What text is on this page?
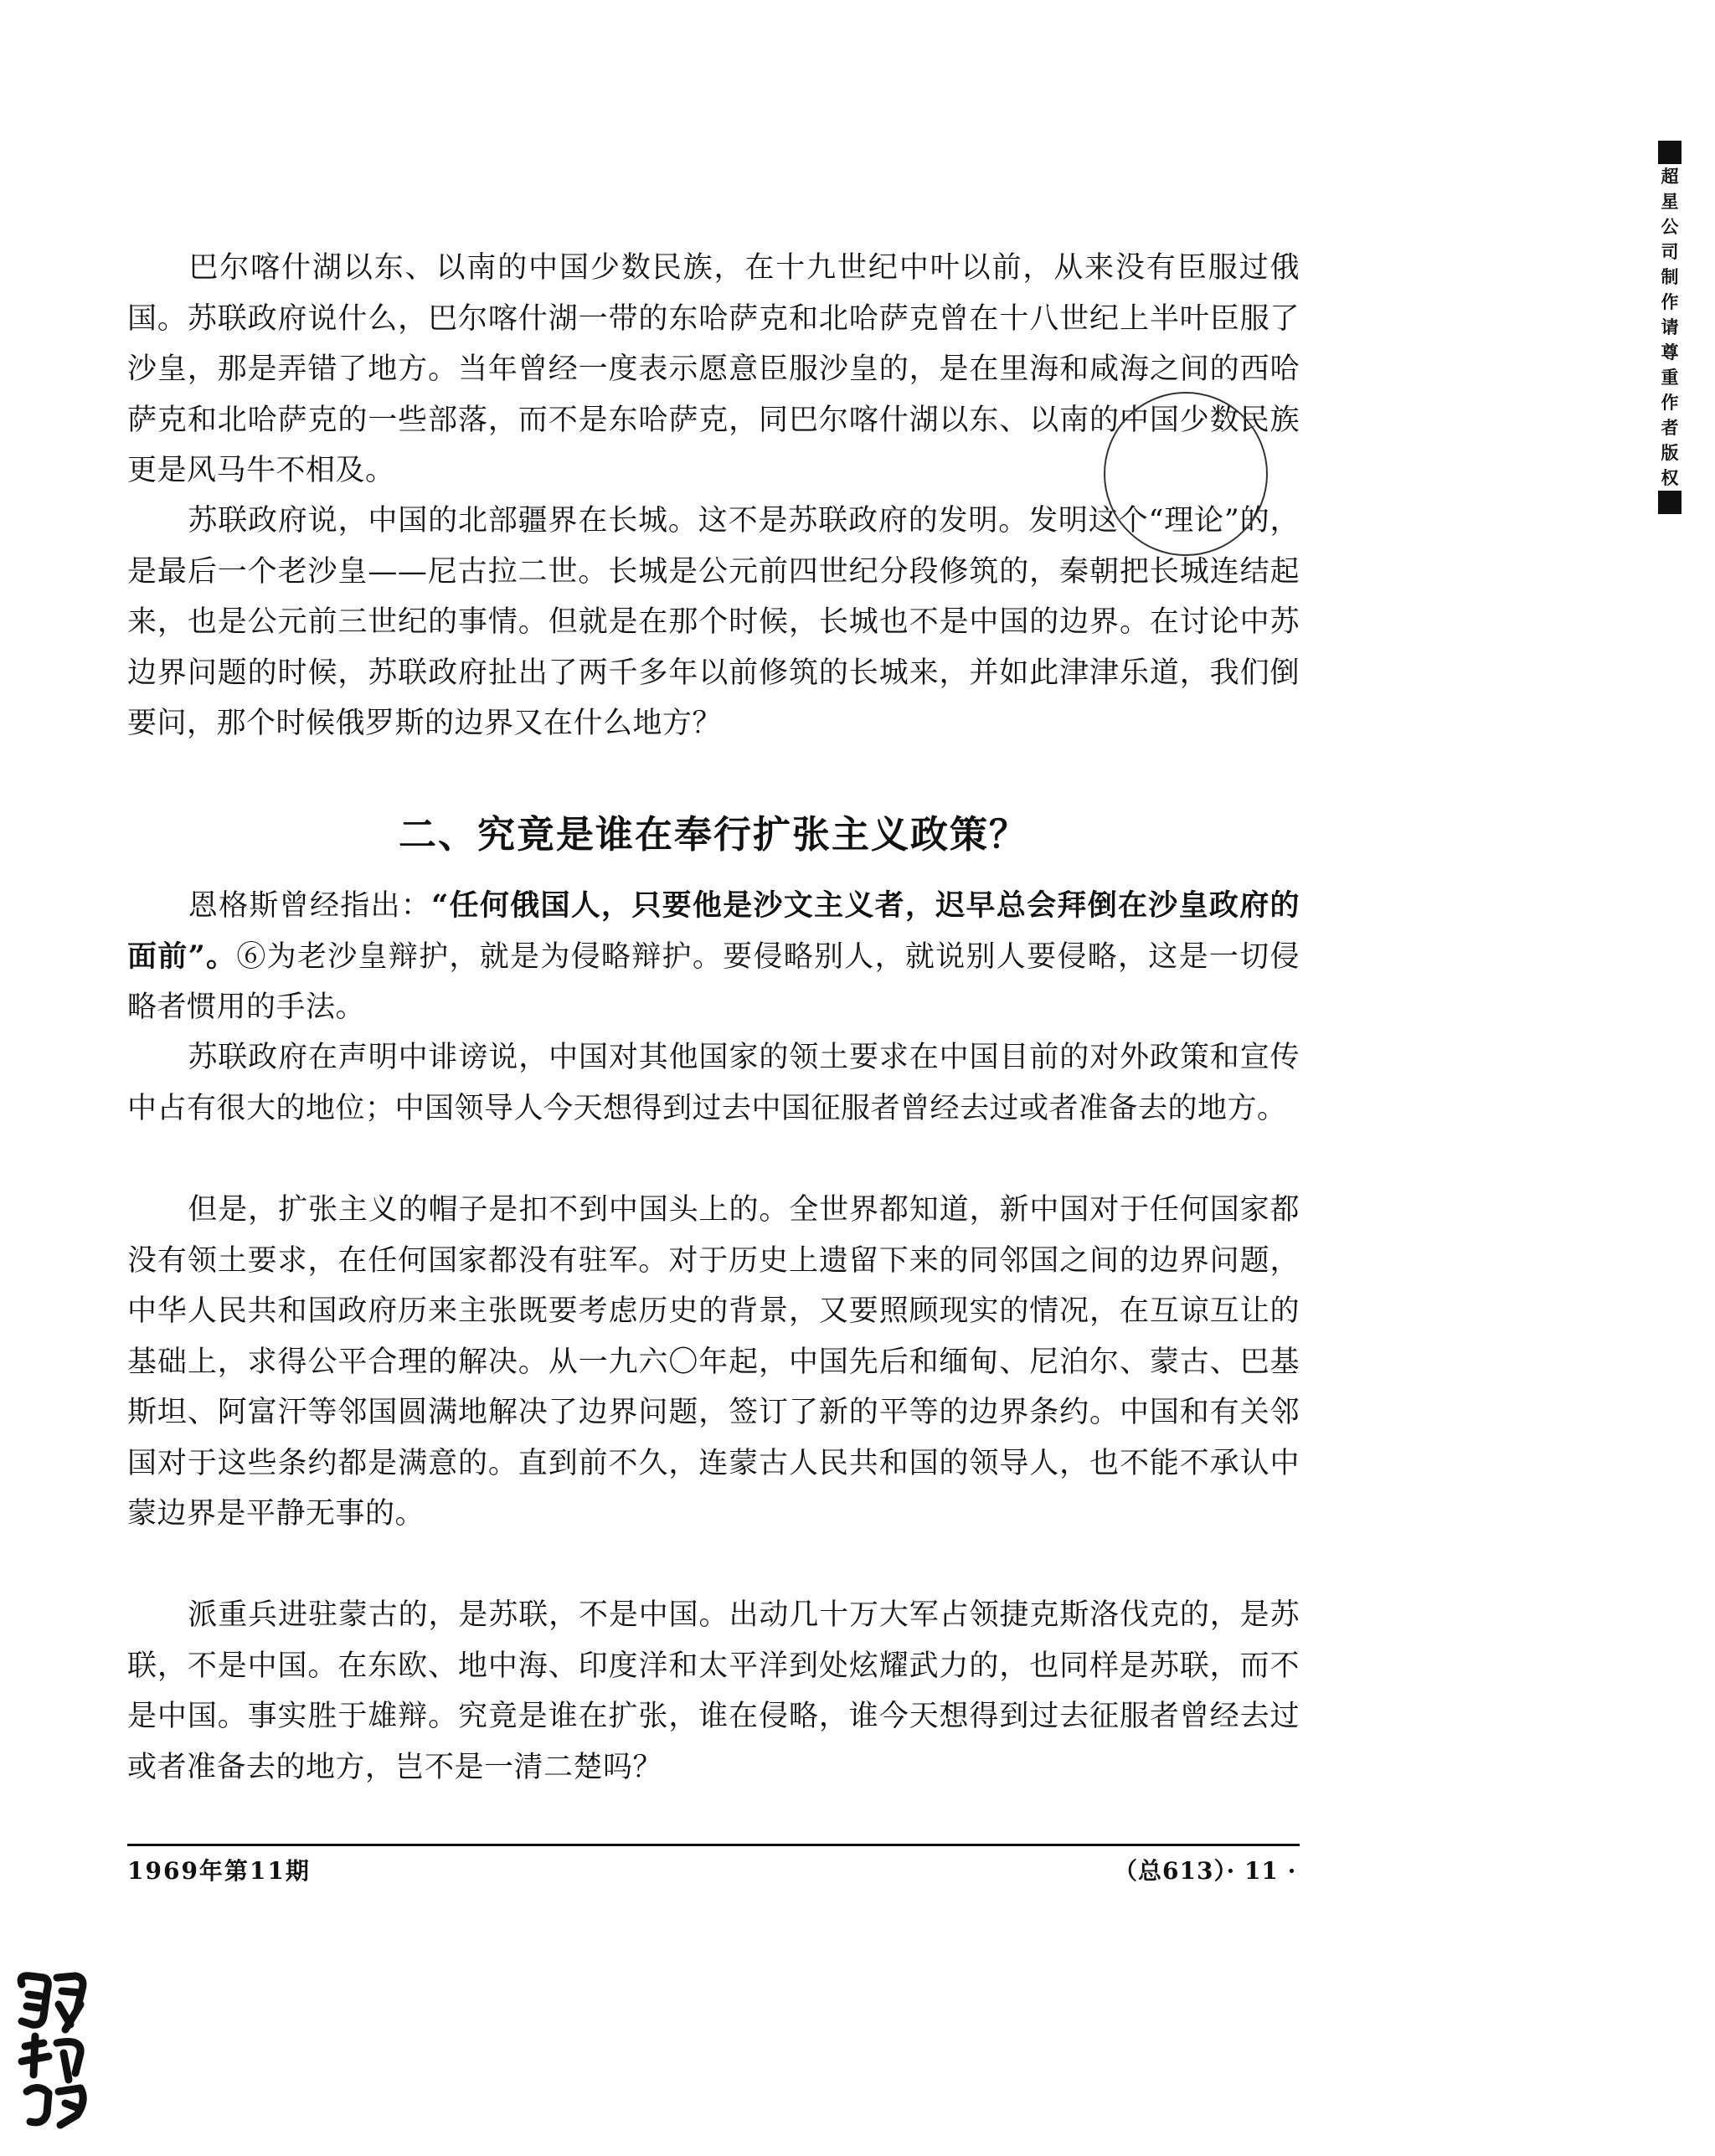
巴尔喀什湖以东、以南的中国少数民族，在十九世纪中叶以前，从来没有臣服过俄国。苏联政府说什么，巴尔喀什湖一带的东哈萨克和北哈萨克曾在十八世纪上半叶臣服了沙皇，那是弄错了地方。当年曾经一度表示愿意臣服沙皇的，是在里海和咸海之间的西哈萨克和北哈萨克的一些部落，而不是东哈萨克，同巴尔喀什湖以东、以南的中国少数民族更是风马牛不相及。

苏联政府说，中国的北部疆界在长城。这不是苏联政府的发明。发明这个“理论”的，是最后一个老沙皇——尼古拉二世。长城是公元前四世纪分段修筑的，秦朝把长城连结起来，也是公元前三世纪的事情。但就是在那个时候，长城也不是中国的边界。在讨论中苏边界问题的时候，苏联政府扯出了两千多年以前修筑的长城来，并如此津津乐道，我们倒要问，那个时候俄罗斯的边界又在什么地方？

二、究竟是谁在奉行扩张主义政策？

恩格斯曾经指出：“任何俄国人，只要他是沙文主义者，迟早总会拜倒在沙皇政府的面前”。⑥为老沙皇辩护，就是为侵略辩护。要侵略别人，就说别人要侵略，这是一切侵略者惯用的手法。

苏联政府在声明中诽谤说，中国对其他国家的领土要求在中国目前的对外政策和宣传中占有很大的地位；中国领导人今天想得到过去中国征服者曾经去过或者准备去的地方。

但是，扩张主义的帽子是扣不到中国头上的。全世界都知道，新中国对于任何国家都没有领土要求，在任何国家都没有驻军。对于历史上遗留下来的同邻国之间的边界问题，中华人民共和国政府历来主张既要考虑历史的背景，又要照顾现实的情况，在互谅互让的基础上，求得公平合理的解决。从一九六〇年起，中国先后和缅甸、尼泊尔、蒙古、巴基斯坦、阿富汗等邻国圆满地解决了边界问题，签订了新的平等的边界条约。中国和有关邻国对于这些条约都是满意的。直到前不久，连蒙古人民共和国的领导人，也不能不承认中蒙边界是平静无事的。

派重兵进驻蒙古的，是苏联，不是中国。出动几十万大军占领捷克斯洛伐克的，是苏联，不是中国。在东欧、地中海、印度洋和太平洋到处炫耀武力的，也同样是苏联，而不是中国。事实胜于雄辩。究竟是谁在扩张，谁在侵略，谁今天想得到过去征服者曾经去过或者准备去的地方，岂不是一清二楚吗？

1969年第11期	（总613）· 11 ·
超
星
公
司
制
作
请
尊
重
作
者
版
权
